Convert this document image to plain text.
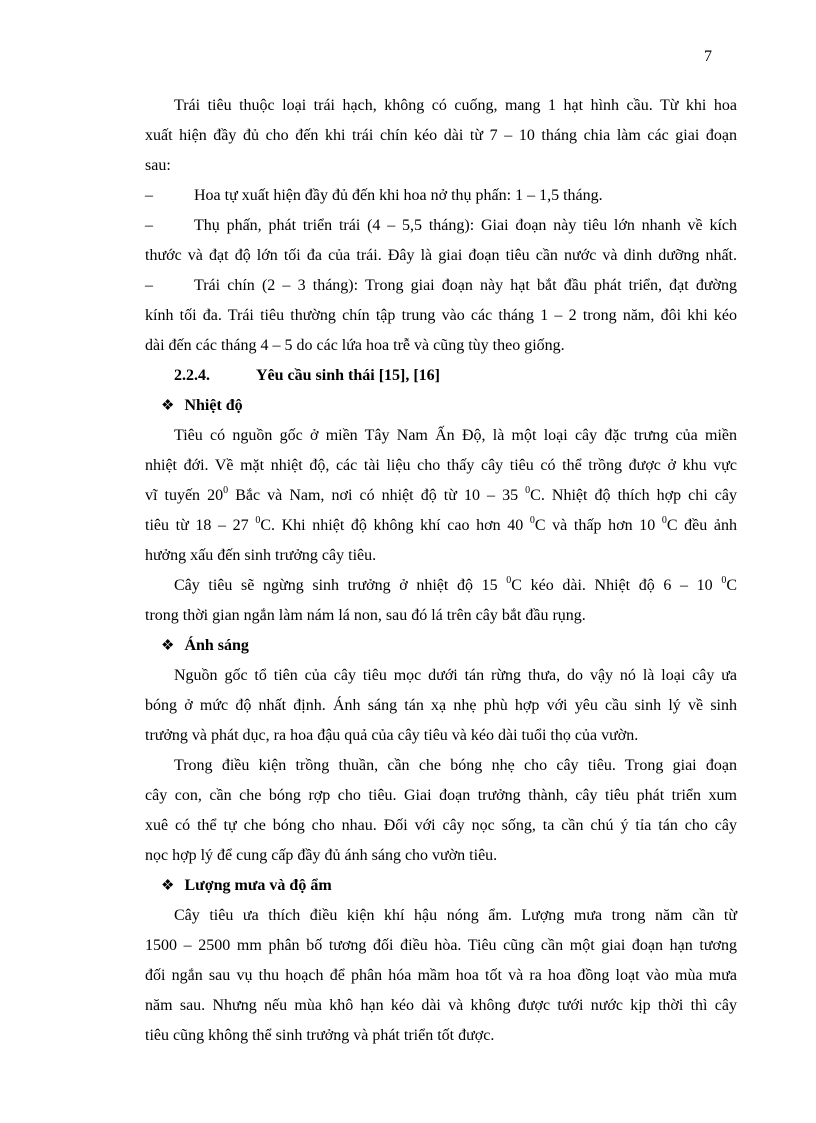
7
Trái tiêu thuộc loại trái hạch, không có cuống, mang 1 hạt hình cầu. Từ khi hoa
xuất hiện đầy đủ cho đến khi trái chín kéo dài từ 7 – 10 tháng chia làm các giai đoạn
sau:
–	Hoa tự xuất hiện đầy đủ đến khi hoa nở thụ phấn: 1 – 1,5 tháng.
–	Thụ phấn, phát triển trái (4 – 5,5 tháng): Giai đoạn này tiêu lớn nhanh về kích
thước và đạt độ lớn tối đa của trái. Đây là giai đoạn tiêu cần nước và dinh dưỡng nhất.
–	Trái chín (2 – 3 tháng): Trong giai đoạn này hạt bắt đầu phát triển, đạt đường
kính tối đa. Trái tiêu thường chín tập trung vào các tháng 1 – 2 trong năm, đôi khi kéo
dài đến các tháng 4 – 5 do các lứa hoa trễ và cũng tùy theo giống.
2.2.4.	Yêu cầu sinh thái [15], [16]
❖ Nhiệt độ
Tiêu có nguồn gốc ở miền Tây Nam Ấn Độ, là một loại cây đặc trưng của miền
nhiệt đới. Về mặt nhiệt độ, các tài liệu cho thấy cây tiêu có thể trồng được ở khu vực
vĩ tuyến $20^0$ Bắc và Nam, nơi có nhiệt độ từ 10 – 35 $^0$C. Nhiệt độ thích hợp chi cây
tiêu từ 18 – 27 $^0$C. Khi nhiệt độ không khí cao hơn 40 $^0$C và thấp hơn 10 $^0$C đều ảnh
hưởng xấu đến sinh trưởng cây tiêu.
Cây tiêu sẽ ngừng sinh trưởng ở nhiệt độ 15 $^0$C kéo dài. Nhiệt độ 6 – 10 $^0$C
trong thời gian ngắn làm nám lá non, sau đó lá trên cây bắt đầu rụng.
❖ Ánh sáng
Nguồn gốc tổ tiên của cây tiêu mọc dưới tán rừng thưa, do vậy nó là loại cây ưa
bóng ở mức độ nhất định. Ánh sáng tán xạ nhẹ phù hợp với yêu cầu sinh lý về sinh
trưởng và phát dục, ra hoa đậu quả của cây tiêu và kéo dài tuổi thọ của vườn.
Trong điều kiện trồng thuần, cần che bóng nhẹ cho cây tiêu. Trong giai đoạn
cây con, cần che bóng rợp cho tiêu. Giai đoạn trưởng thành, cây tiêu phát triển xum
xuê có thể tự che bóng cho nhau. Đối với cây nọc sống, ta cần chú ý tỉa tán cho cây
nọc hợp lý để cung cấp đầy đủ ánh sáng cho vườn tiêu.
❖ Lượng mưa và độ ẩm
Cây tiêu ưa thích điều kiện khí hậu nóng ẩm. Lượng mưa trong năm cần từ
1500 – 2500 mm phân bố tương đối điều hòa. Tiêu cũng cần một giai đoạn hạn tương
đối ngắn sau vụ thu hoạch để phân hóa mầm hoa tốt và ra hoa đồng loạt vào mùa mưa
năm sau. Nhưng nếu mùa khô hạn kéo dài và không được tưới nước kịp thời thì cây
tiêu cũng không thể sinh trưởng và phát triển tốt được.
